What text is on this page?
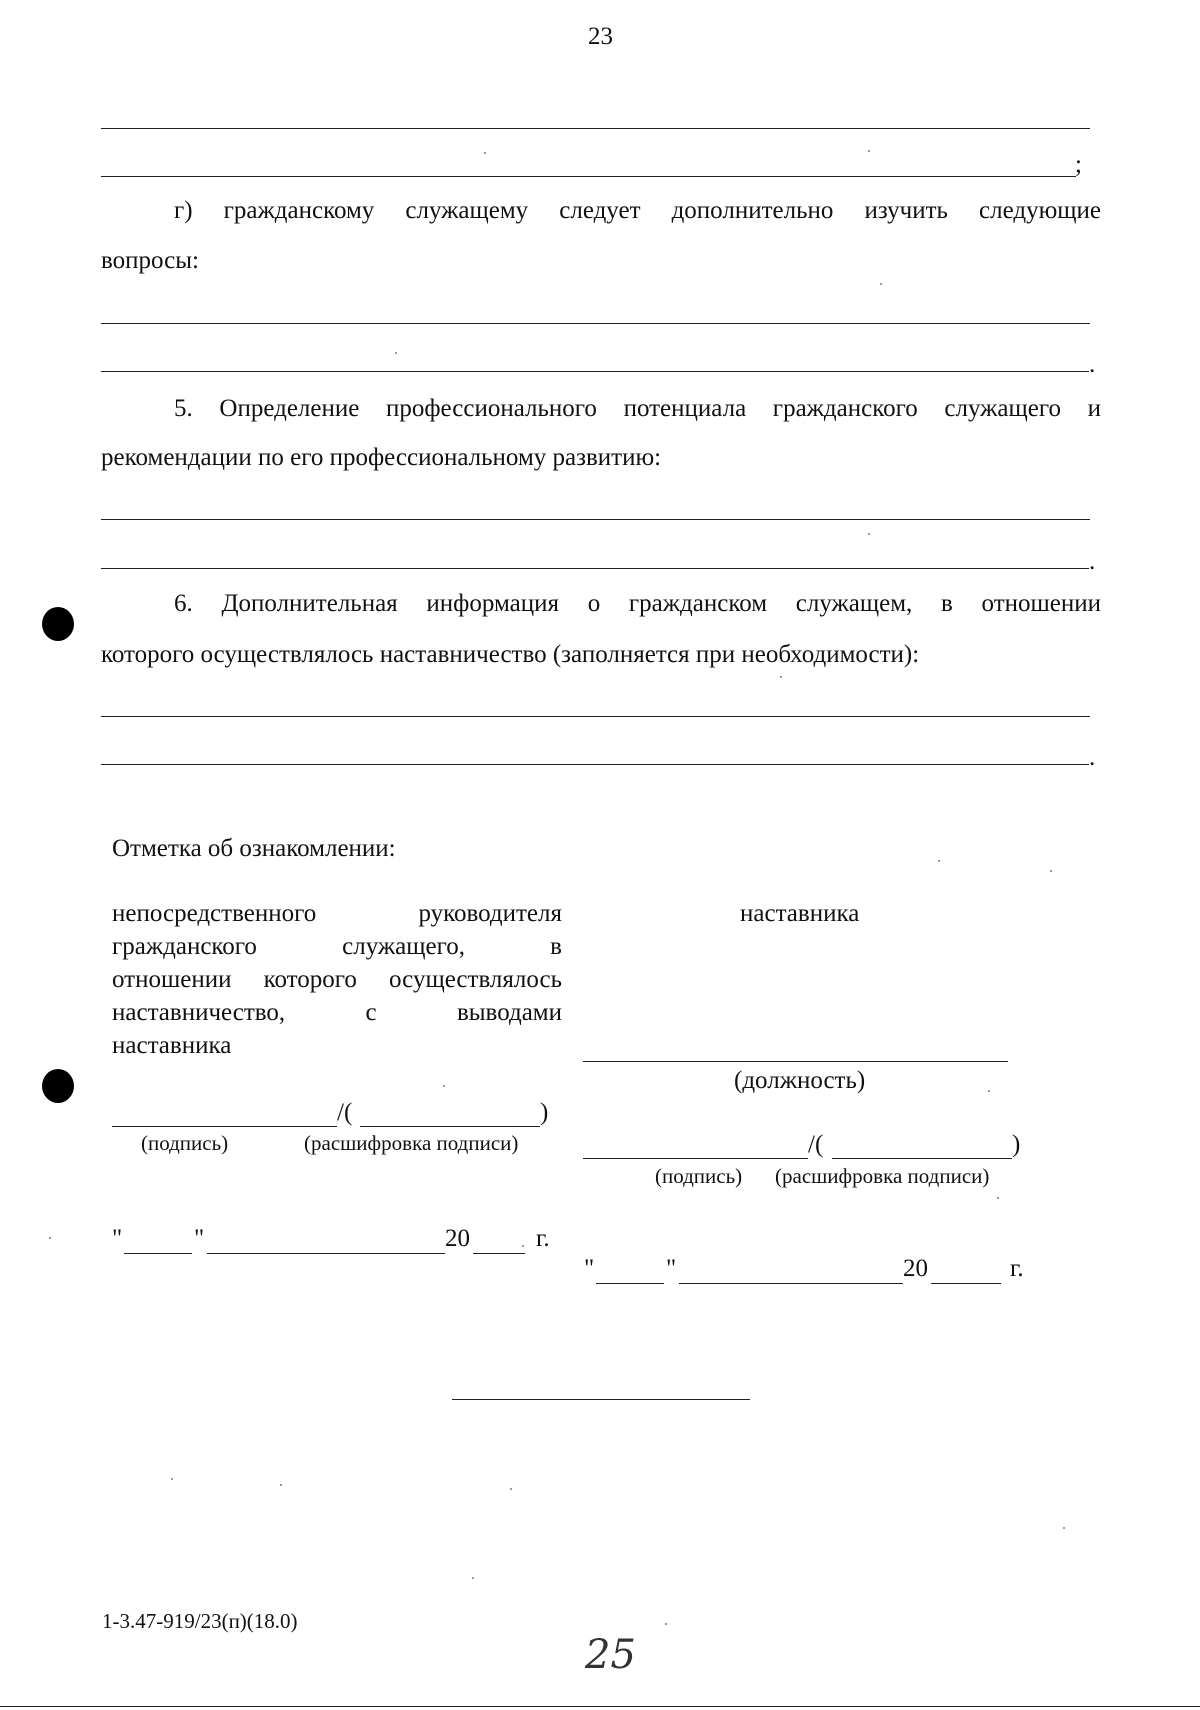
23
;
г) гражданскому служащему следует дополнительно изучить следующие
вопросы:
.
5. Определение профессионального потенциала гражданского служащего и
рекомендации по его профессиональному развитию:
.
6. Дополнительная информация о гражданском служащем, в отношении
которого осуществлялось наставничество (заполняется при необходимости):
.
Отметка об ознакомлении:
непосредственного руководителя
гражданского служащего, в
отношении которого осуществлялось
наставничество, с выводами
наставника
/(	)
(подпись)	(расшифровка подписи)
"	"	20	г.
наставника
(должность)
/(	)
(подпись) (расшифровка подписи)
"	"	20	г.
1-3.47-919/23(п)(18.0)
25
